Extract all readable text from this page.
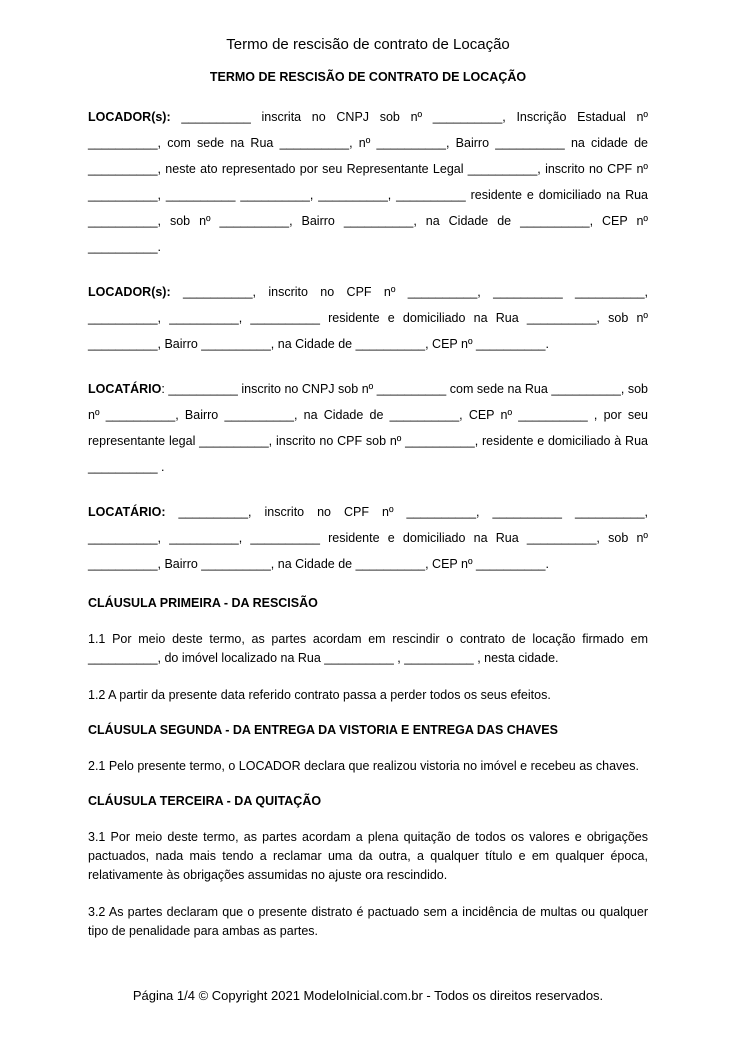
Termo de rescisão de contrato de Locação
TERMO DE RESCISÃO DE CONTRATO DE LOCAÇÃO

LOCADOR(s): __________ inscrita no CNPJ sob nº __________, Inscrição Estadual nº __________, com sede na Rua __________, nº __________, Bairro __________ na cidade de __________, neste ato representado por seu Representante Legal __________, inscrito no CPF nº __________, __________ __________, __________, __________ residente e domiciliado na Rua __________, sob nº __________, Bairro __________, na Cidade de __________, CEP nº __________.

LOCADOR(s): __________, inscrito no CPF nº __________, __________ __________, __________, __________, __________ residente e domiciliado na Rua __________, sob nº __________, Bairro __________, na Cidade de __________, CEP nº __________.

LOCATÁRIO: __________ inscrito no CNPJ sob nº __________ com sede na Rua __________, sob nº __________, Bairro __________, na Cidade de __________, CEP nº __________ , por seu representante legal __________, inscrito no CPF sob nº __________, residente e domiciliado à Rua __________ .

LOCATÁRIO: __________, inscrito no CPF nº __________, __________ __________, __________, __________, __________ residente e domiciliado na Rua __________, sob nº __________, Bairro __________, na Cidade de __________, CEP nº __________.

CLÁUSULA PRIMEIRA - DA RESCISÃO

1.1 Por meio deste termo, as partes acordam em rescindir o contrato de locação firmado em __________, do imóvel localizado na Rua __________ , __________ , nesta cidade.

1.2 A partir da presente data referido contrato passa a perder todos os seus efeitos.

CLÁUSULA SEGUNDA - DA ENTREGA DA VISTORIA E ENTREGA DAS CHAVES

2.1 Pelo presente termo, o LOCADOR declara que realizou vistoria no imóvel e recebeu as chaves.

CLÁUSULA TERCEIRA - DA QUITAÇÃO

3.1 Por meio deste termo, as partes acordam a plena quitação de todos os valores e obrigações pactuados, nada mais tendo a reclamar uma da outra, a qualquer título e em qualquer época, relativamente às obrigações assumidas no ajuste ora rescindido.

3.2 As partes declaram que o presente distrato é pactuado sem a incidência de multas ou qualquer tipo de penalidade para ambas as partes.

Página 1/4 © Copyright 2021 ModeloInicial.com.br - Todos os direitos reservados.
